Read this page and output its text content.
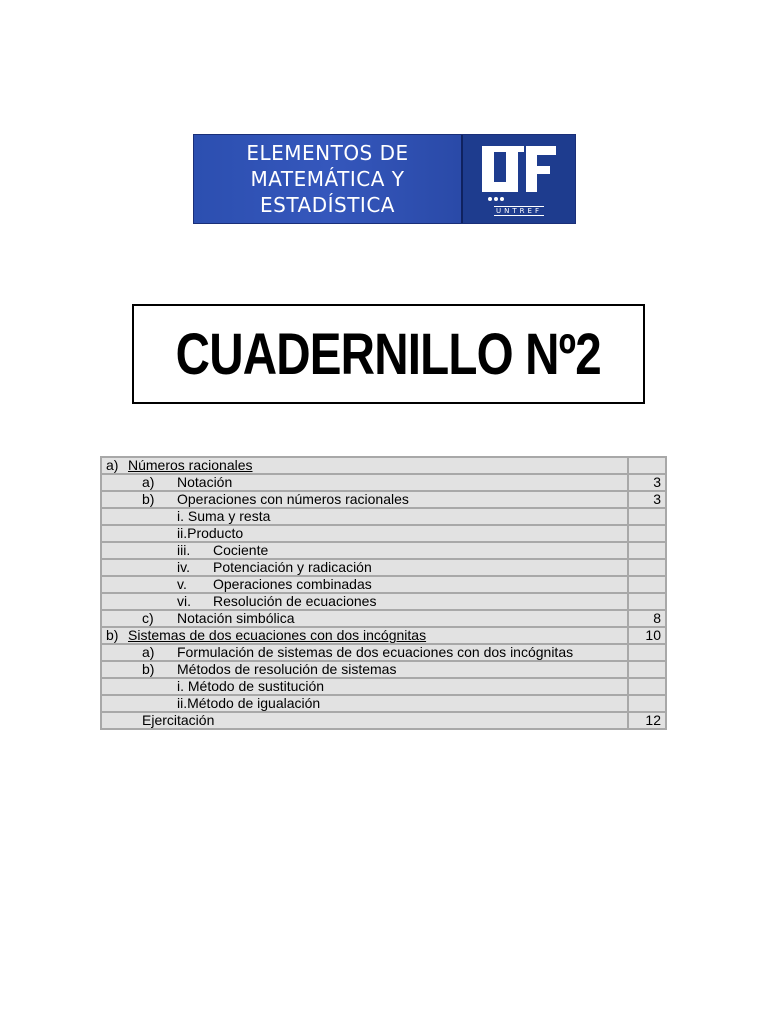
ELEMENTOS DE
MATEMÁTICA Y
ESTADÍSTICA	UNTREF
CUADERNILLO Nº2
a) Números racionales	
a) Notación	3
b) Operaciones con números racionales	3
i. Suma y resta	
ii.Producto	
iii. Cociente	
iv. Potenciación y radicación	
v. Operaciones combinadas	
vi. Resolución de ecuaciones	
c) Notación simbólica	8
b) Sistemas de dos ecuaciones con dos incógnitas	10
a) Formulación de sistemas de dos ecuaciones con dos incógnitas	
b) Métodos de resolución de sistemas	
i. Método de sustitución	
ii.Método de igualación	
Ejercitación	12
